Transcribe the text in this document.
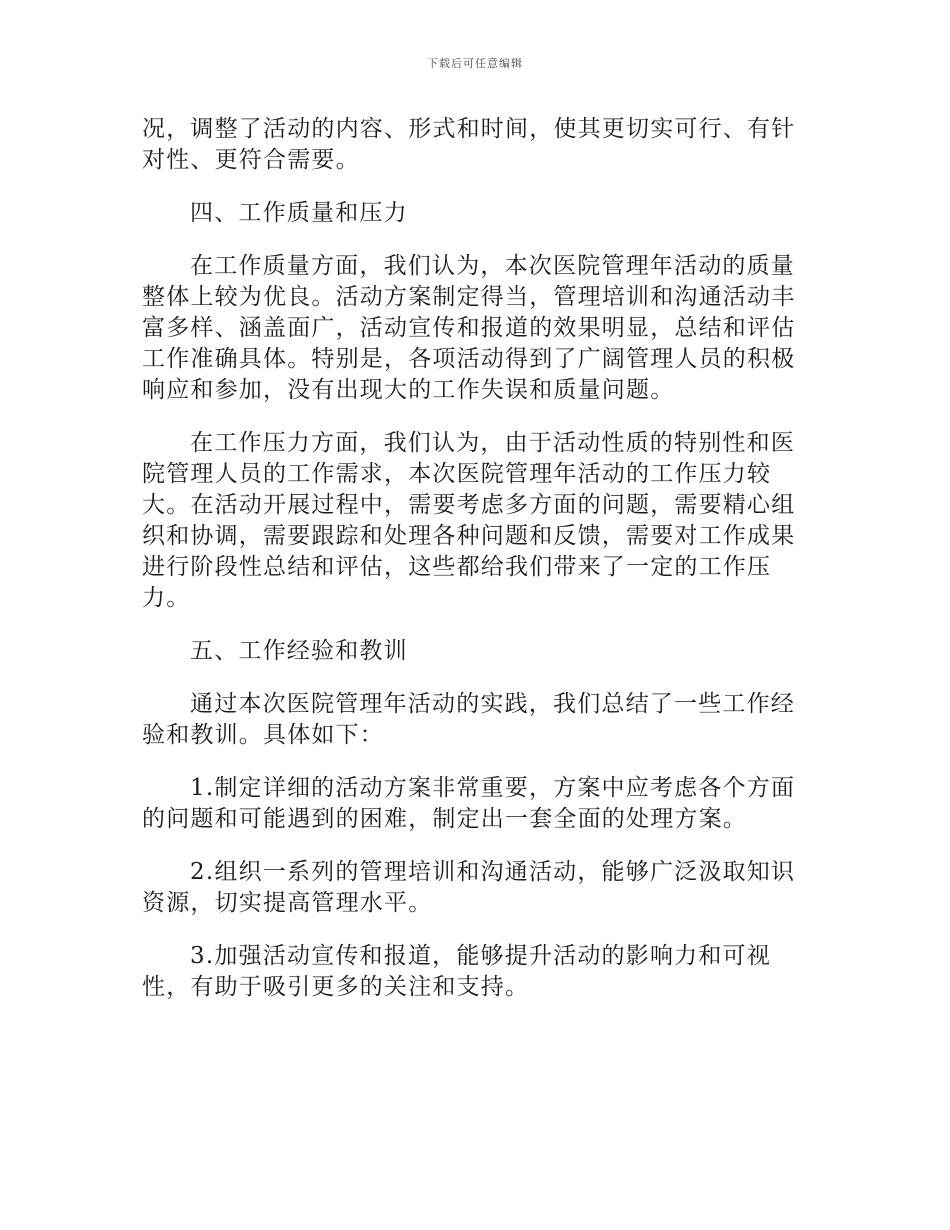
下载后可任意编辑

况，调整了活动的内容、形式和时间，使其更切实可行、有针对性、更符合需要。

四、工作质量和压力

在工作质量方面，我们认为，本次医院管理年活动的质量整体上较为优良。活动方案制定得当，管理培训和沟通活动丰富多样、涵盖面广，活动宣传和报道的效果明显，总结和评估工作准确具体。特别是，各项活动得到了广阔管理人员的积极响应和参加，没有出现大的工作失误和质量问题。

在工作压力方面，我们认为，由于活动性质的特别性和医院管理人员的工作需求，本次医院管理年活动的工作压力较大。在活动开展过程中，需要考虑多方面的问题，需要精心组织和协调，需要跟踪和处理各种问题和反馈，需要对工作成果进行阶段性总结和评估，这些都给我们带来了一定的工作压力。

五、工作经验和教训

通过本次医院管理年活动的实践，我们总结了一些工作经验和教训。具体如下：

1.制定详细的活动方案非常重要，方案中应考虑各个方面的问题和可能遇到的困难，制定出一套全面的处理方案。

2.组织一系列的管理培训和沟通活动，能够广泛汲取知识资源，切实提高管理水平。

3.加强活动宣传和报道，能够提升活动的影响力和可视性，有助于吸引更多的关注和支持。
